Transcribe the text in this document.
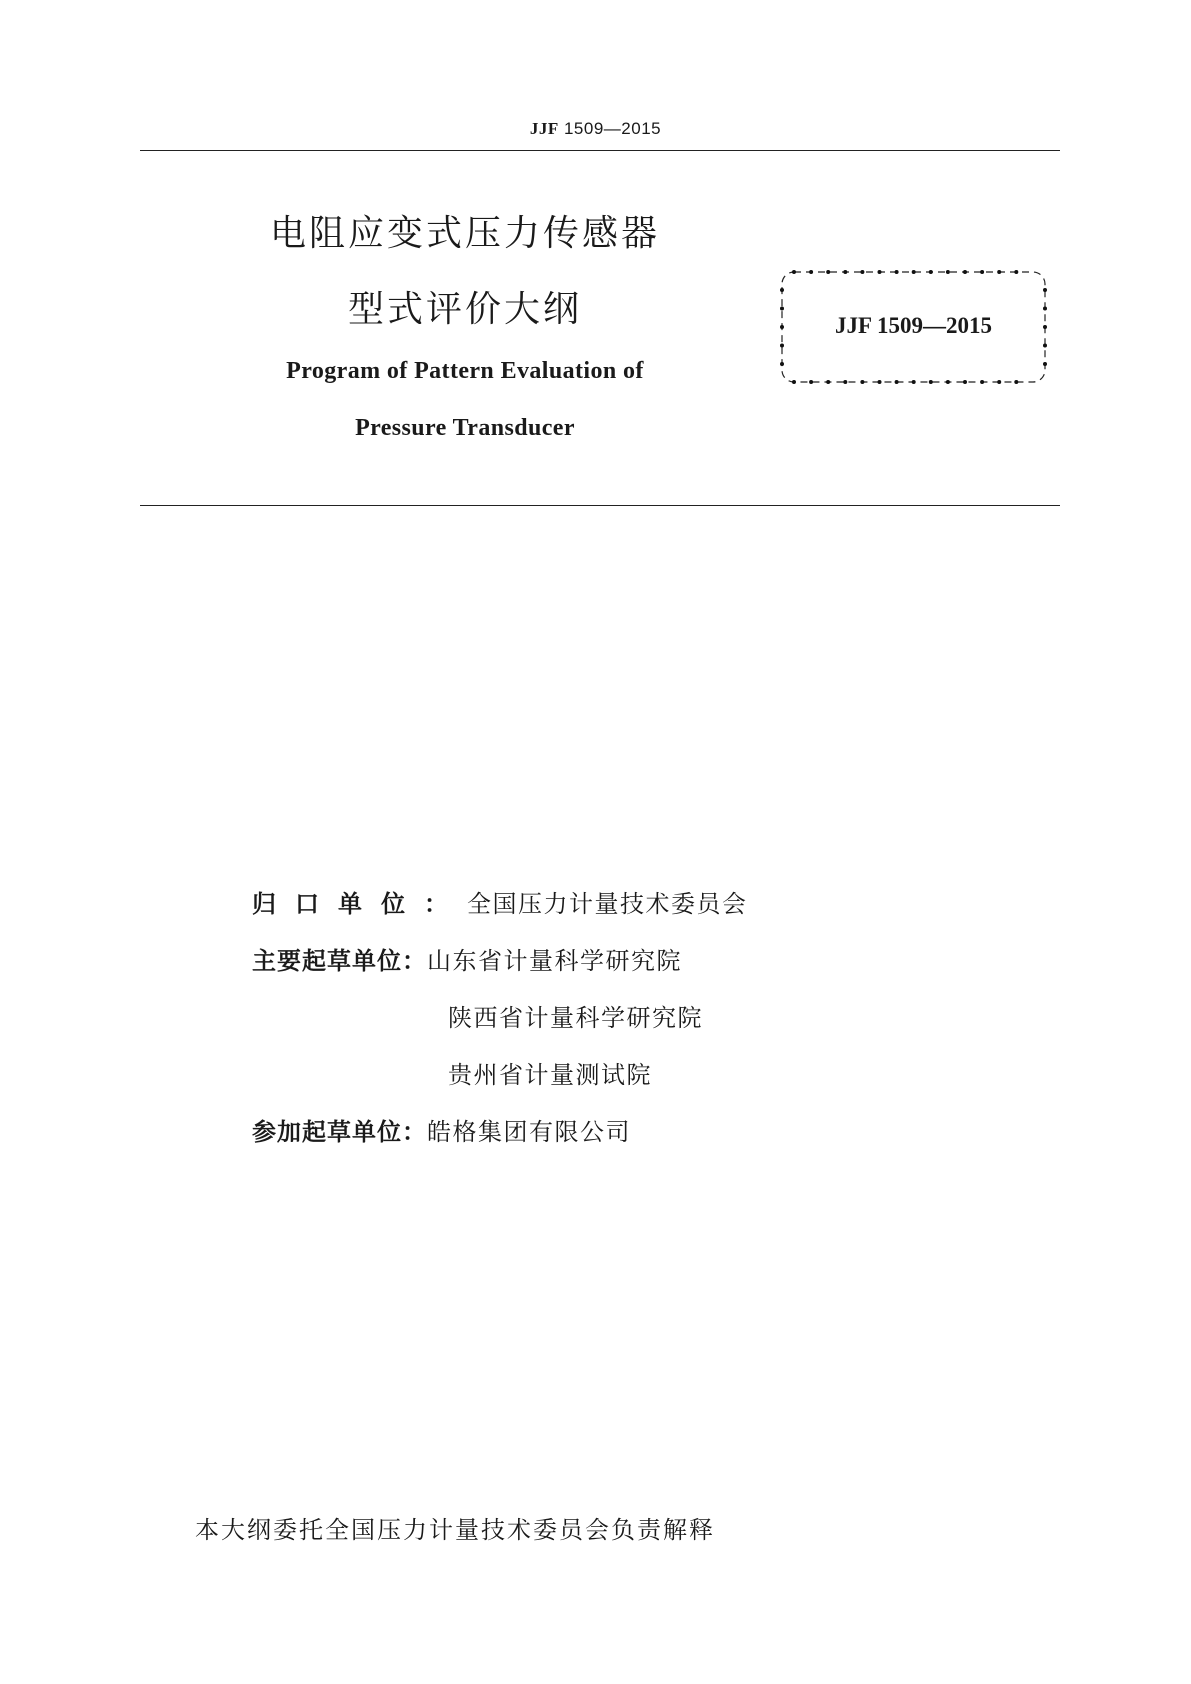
JJF 1509—2015
电阻应变式压力传感器
型式评价大纲
Program of Pattern Evaluation of
Pressure Transducer
JJF 1509—2015
归口单位：全国压力计量技术委员会
主要起草单位：山东省计量科学研究院
陕西省计量科学研究院
贵州省计量测试院
参加起草单位：皓格集团有限公司
本大纲委托全国压力计量技术委员会负责解释
